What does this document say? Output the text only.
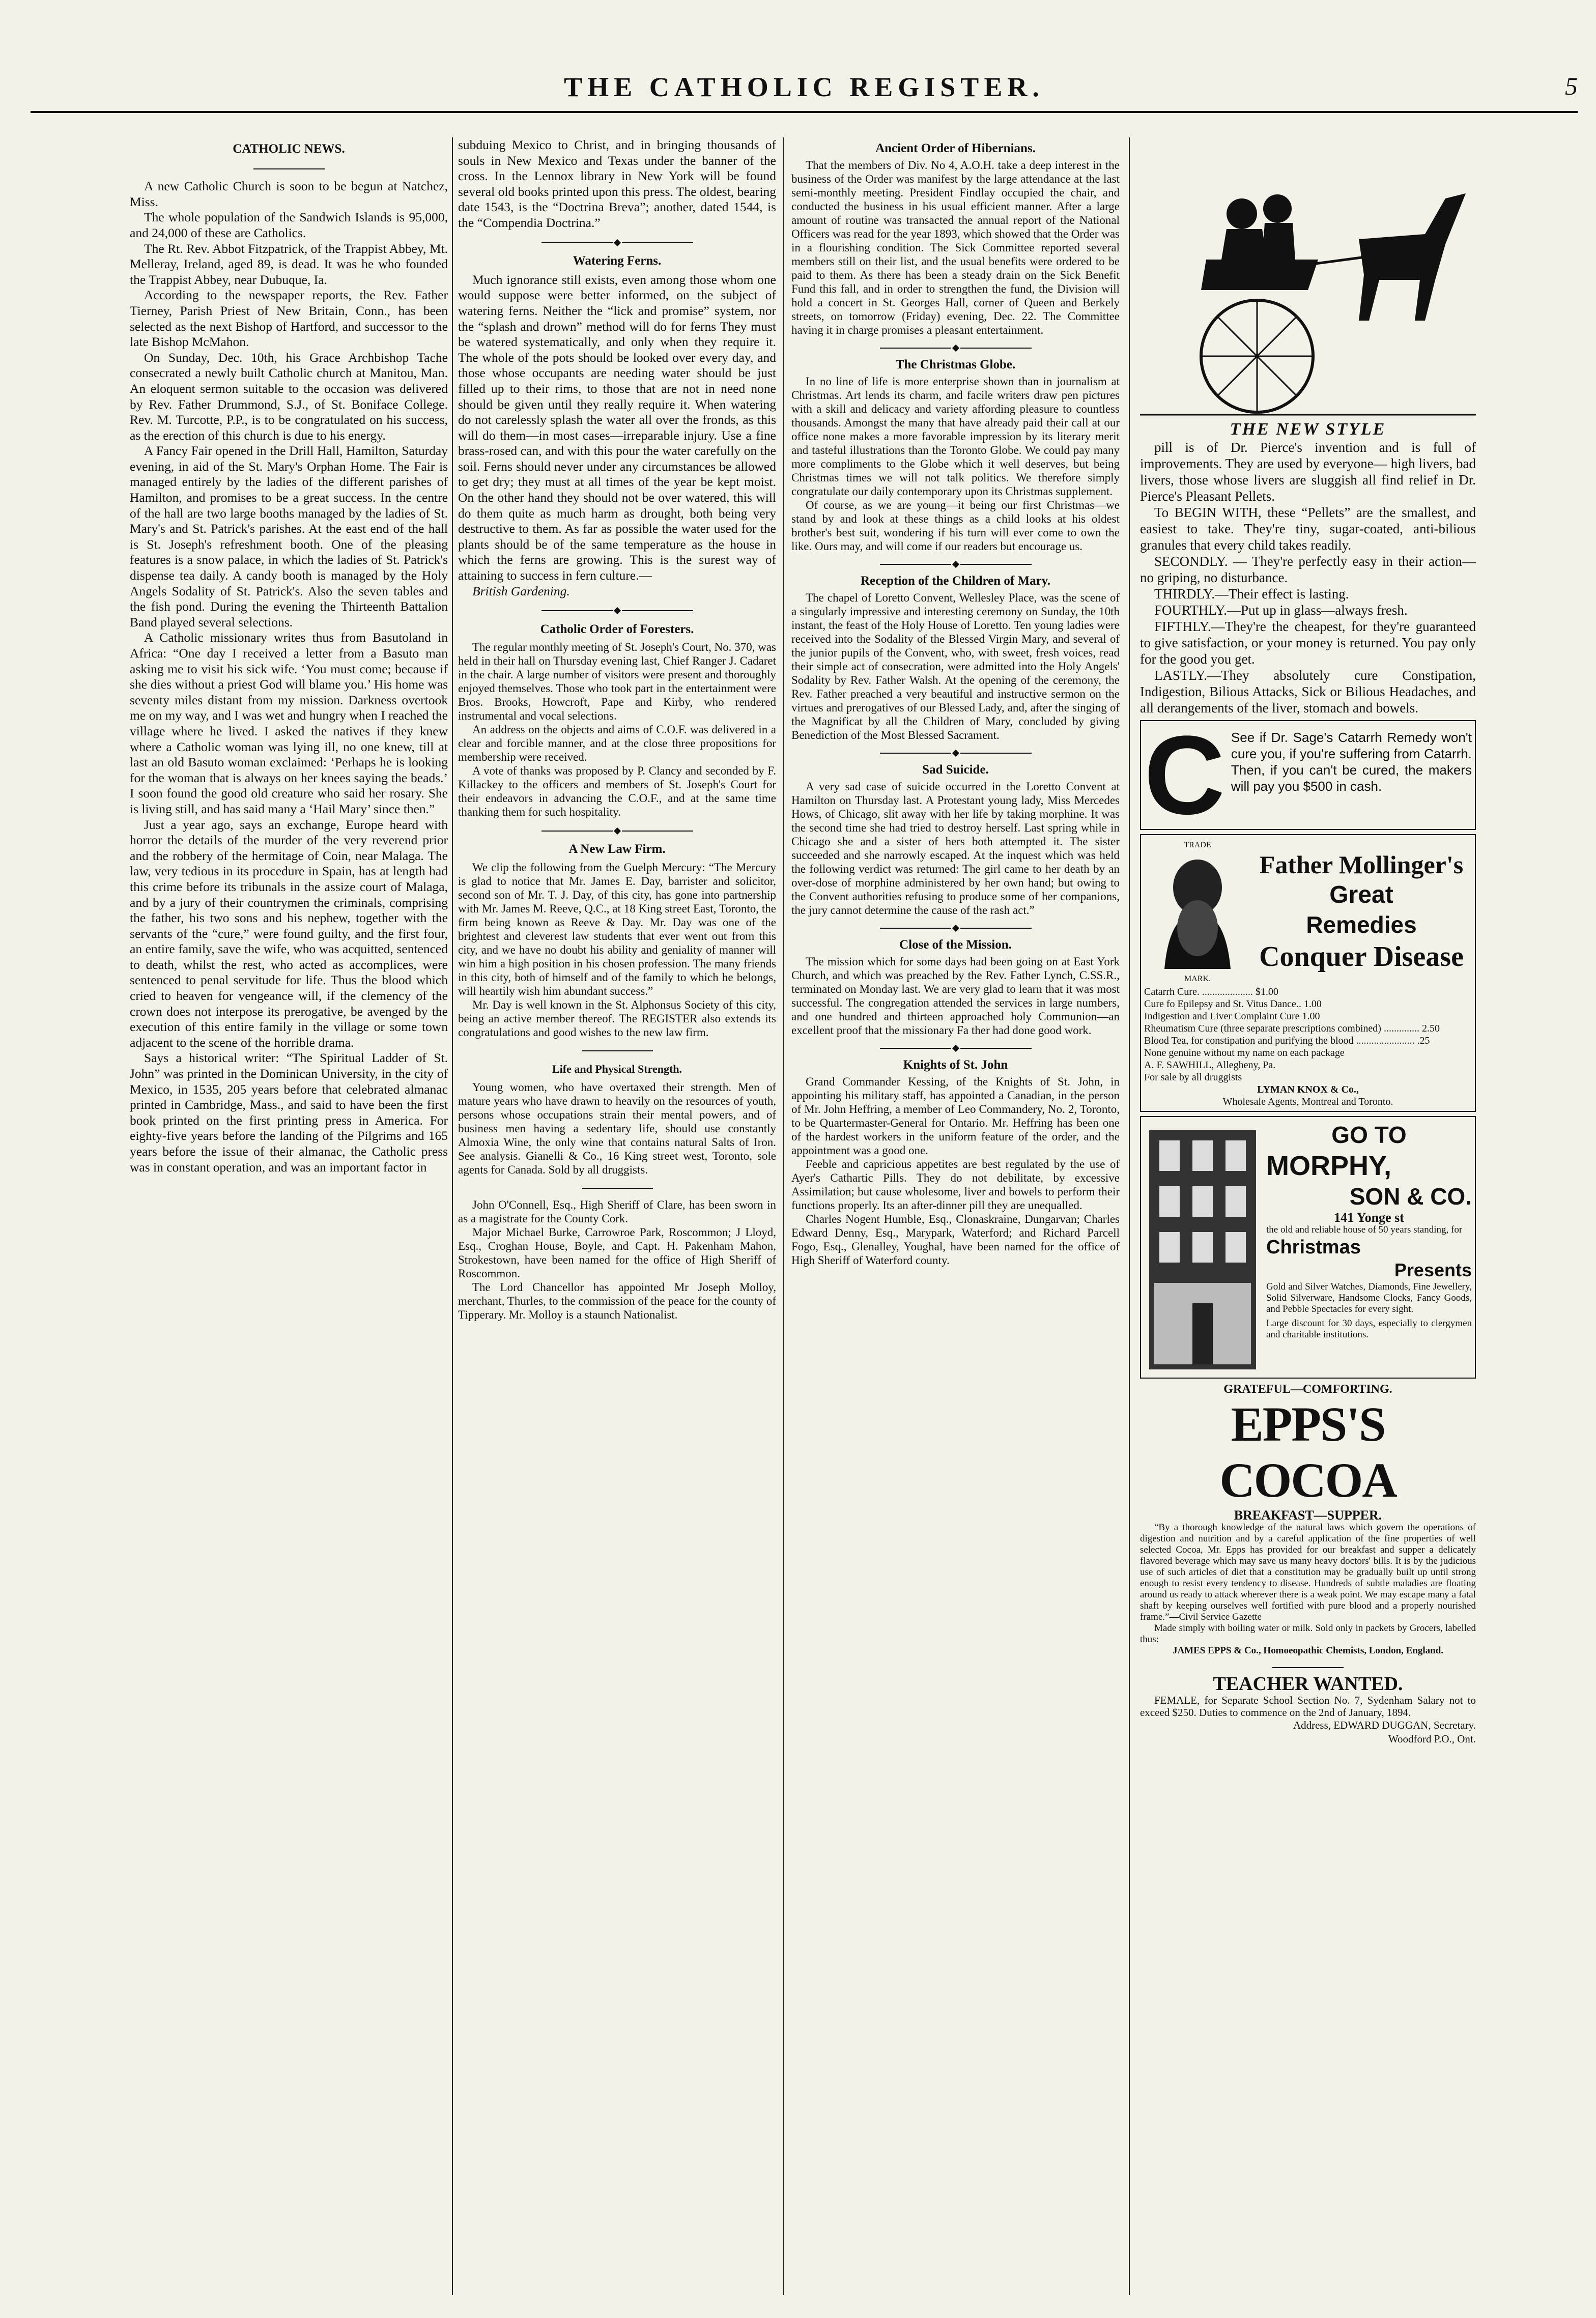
THE CATHOLIC REGISTER.	5
CATHOLIC NEWS.

A new Catholic Church is soon to be begun at Natchez, Miss.

The whole population of the Sandwich Islands is 95,000, and 24,000 of these are Catholics.

The Rt. Rev. Abbot Fitzpatrick, of the Trappist Abbey, Mt. Melleray, Ireland, aged 89, is dead. It was he who founded the Trappist Abbey, near Dubuque, Ia.

According to the newspaper reports, the Rev. Father Tierney, Parish Priest of New Britain, Conn., has been selected as the next Bishop of Hartford, and successor to the late Bishop McMahon.

On Sunday, Dec. 10th, his Grace Archbishop Tache consecrated a newly built Catholic church at Manitou, Man. An eloquent sermon suitable to the occasion was delivered by Rev. Father Drummond, S.J., of St. Boniface College. Rev. M. Turcotte, P.P., is to be congratulated on his success, as the erection of this church is due to his energy.

A Fancy Fair opened in the Drill Hall, Hamilton, Saturday evening, in aid of the St. Mary's Orphan Home. The Fair is managed entirely by the ladies of the different parishes of Hamilton, and promises to be a great success. In the centre of the hall are two large booths managed by the ladies of St. Mary's and St. Patrick's parishes. At the east end of the hall is St. Joseph's refreshment booth. One of the pleasing features is a snow palace, in which the ladies of St. Patrick's dispense tea daily. A candy booth is managed by the Holy Angels Sodality of St. Patrick's. Also the seven tables and the fish pond. During the evening the Thirteenth Battalion Band played several selections.

A Catholic missionary writes thus from Basutoland in Africa: “One day I received a letter from a Basuto man asking me to visit his sick wife. ‘You must come; because if she dies without a priest God will blame you.’ His home was seventy miles distant from my mission. Darkness overtook me on my way, and I was wet and hungry when I reached the village where he lived. I asked the natives if they knew where a Catholic woman was lying ill, no one knew, till at last an old Basuto woman exclaimed: ‘Perhaps he is looking for the woman that is always on her knees saying the beads.’ I soon found the good old creature who said her rosary. She is living still, and has said many a ‘Hail Mary’ since then.”

Just a year ago, says an exchange, Europe heard with horror the details of the murder of the very reverend prior and the robbery of the hermitage of Coin, near Malaga. The law, very tedious in its procedure in Spain, has at length had this crime before its tribunals in the assize court of Malaga, and by a jury of their countrymen the criminals, comprising the father, his two sons and his nephew, together with the servants of the “cure,” were found guilty, and the first four, an entire family, save the wife, who was acquitted, sentenced to death, whilst the rest, who acted as accomplices, were sentenced to penal servitude for life. Thus the blood which cried to heaven for vengeance will, if the clemency of the crown does not interpose its prerogative, be avenged by the execution of this entire family in the village or some town adjacent to the scene of the horrible drama.

Says a historical writer: “The Spiritual Ladder of St. John” was printed in the Dominican University, in the city of Mexico, in 1535, 205 years before that celebrated almanac printed in Cambridge, Mass., and said to have been the first book printed on the first printing press in America. For eighty-five years before the landing of the Pilgrims and 165 years before the issue of their almanac, the Catholic press was in constant operation, and was an important factor in

subduing Mexico to Christ, and in bringing thousands of souls in New Mexico and Texas under the banner of the cross. In the Lennox library in New York will be found several old books printed upon this press. The oldest, bearing date 1543, is the “Doctrina Breva”; another, dated 1544, is the “Compendia Doctrina.”

Watering Ferns.

Much ignorance still exists, even among those whom one would suppose were better informed, on the subject of watering ferns. Neither the “lick and promise” system, nor the “splash and drown” method will do for ferns They must be watered systematically, and only when they require it. The whole of the pots should be looked over every day, and those whose occupants are needing water should be just filled up to their rims, to those that are not in need none should be given until they really require it. When watering do not carelessly splash the water all over the fronds, as this will do them—in most cases—irreparable injury. Use a fine brass-rosed can, and with this pour the water carefully on the soil. Ferns should never under any circumstances be allowed to get dry; they must at all times of the year be kept moist. On the other hand they should not be over watered, this will do them quite as much harm as drought, both being very destructive to them. As far as possible the water used for the plants should be of the same temperature as the house in which the ferns are growing. This is the surest way of attaining to success in fern culture.—

British Gardening.

Catholic Order of Foresters.

The regular monthly meeting of St. Joseph's Court, No. 370, was held in their hall on Thursday evening last, Chief Ranger J. Cadaret in the chair. A large number of visitors were present and thoroughly enjoyed themselves. Those who took part in the entertainment were Bros. Brooks, Howcroft, Pape and Kirby, who rendered instrumental and vocal selections.

An address on the objects and aims of C.O.F. was delivered in a clear and forcible manner, and at the close three propositions for membership were received.

A vote of thanks was proposed by P. Clancy and seconded by F. Killackey to the officers and members of St. Joseph's Court for their endeavors in advancing the C.O.F., and at the same time thanking them for such hospitality.

A New Law Firm.

We clip the following from the Guelph Mercury: “The Mercury is glad to notice that Mr. James E. Day, barrister and solicitor, second son of Mr. T. J. Day, of this city, has gone into partnership with Mr. James M. Reeve, Q.C., at 18 King street East, Toronto, the firm being known as Reeve & Day. Mr. Day was one of the brightest and cleverest law students that ever went out from this city, and we have no doubt his ability and geniality of manner will win him a high position in his chosen profession. The many friends in this city, both of himself and of the family to which he belongs, will heartily wish him abundant success.”

Mr. Day is well known in the St. Alphonsus Society of this city, being an active member thereof. The REGISTER also extends its congratulations and good wishes to the new law firm.

Life and Physical Strength.

Young women, who have overtaxed their strength. Men of mature years who have drawn to heavily on the resources of youth, persons whose occupations strain their mental powers, and of business men having a sedentary life, should use constantly Almoxia Wine, the only wine that contains natural Salts of Iron. See analysis. Gianelli & Co., 16 King street west, Toronto, sole agents for Canada. Sold by all druggists.

John O'Connell, Esq., High Sheriff of Clare, has been sworn in as a magistrate for the County Cork.

Major Michael Burke, Carrowroe Park, Roscommon; J Lloyd, Esq., Croghan House, Boyle, and Capt. H. Pakenham Mahon, Strokestown, have been named for the office of High Sheriff of Roscommon.

The Lord Chancellor has appointed Mr Joseph Molloy, merchant, Thurles, to the commission of the peace for the county of Tipperary. Mr. Molloy is a staunch Nationalist.

Ancient Order of Hibernians.

That the members of Div. No 4, A.O.H. take a deep interest in the business of the Order was manifest by the large attendance at the last semi-monthly meeting. President Findlay occupied the chair, and conducted the business in his usual efficient manner. After a large amount of routine was transacted the annual report of the National Officers was read for the year 1893, which showed that the Order was in a flourishing condition. The Sick Committee reported several members still on their list, and the usual benefits were ordered to be paid to them. As there has been a steady drain on the Sick Benefit Fund this fall, and in order to strengthen the fund, the Division will hold a concert in St. Georges Hall, corner of Queen and Berkely streets, on tomorrow (Friday) evening, Dec. 22. The Committee having it in charge promises a pleasant entertainment.

The Christmas Globe.

In no line of life is more enterprise shown than in journalism at Christmas. Art lends its charm, and facile writers draw pen pictures with a skill and delicacy and variety affording pleasure to countless thousands. Amongst the many that have already paid their call at our office none makes a more favorable impression by its literary merit and tasteful illustrations than the Toronto Globe. We could pay many more compliments to the Globe which it well deserves, but being Christmas times we will not talk politics. We therefore simply congratulate our daily contemporary upon its Christmas supplement.

Of course, as we are young—it being our first Christmas—we stand by and look at these things as a child looks at his oldest brother's best suit, wondering if his turn will ever come to own the like. Ours may, and will come if our readers but encourage us.

Reception of the Children of Mary.

The chapel of Loretto Convent, Wellesley Place, was the scene of a singularly impressive and interesting ceremony on Sunday, the 10th instant, the feast of the Holy House of Loretto. Ten young ladies were received into the Sodality of the Blessed Virgin Mary, and several of the junior pupils of the Convent, who, with sweet, fresh voices, read their simple act of consecration, were admitted into the Holy Angels' Sodality by Rev. Father Walsh. At the opening of the ceremony, the Rev. Father preached a very beautiful and instructive sermon on the virtues and prerogatives of our Blessed Lady, and, after the singing of the Magnificat by all the Children of Mary, concluded by giving Benediction of the Most Blessed Sacrament.

Sad Suicide.

A very sad case of suicide occurred in the Loretto Convent at Hamilton on Thursday last. A Protestant young lady, Miss Mercedes Hows, of Chicago, slit away with her life by taking morphine. It was the second time she had tried to destroy herself. Last spring while in Chicago she and a sister of hers both attempted it. The sister succeeded and she narrowly escaped. At the inquest which was held the following verdict was returned: The girl came to her death by an over-dose of morphine administered by her own hand; but owing to the Convent authorities refusing to produce some of her companions, the jury cannot determine the cause of the rash act.”

Close of the Mission.

The mission which for some days had been going on at East York Church, and which was preached by the Rev. Father Lynch, C.SS.R., terminated on Monday last. We are very glad to learn that it was most successful. The congregation attended the services in large numbers, and one hundred and thirteen approached holy Communion—an excellent proof that the missionary Fa ther had done good work.

Knights of St. John

Grand Commander Kessing, of the Knights of St. John, in appointing his military staff, has appointed a Canadian, in the person of Mr. John Heffring, a member of Leo Commandery, No. 2, Toronto, to be Quartermaster-General for Ontario. Mr. Heffring has been one of the hardest workers in the uniform feature of the order, and the appointment was a good one.

Feeble and capricious appetites are best regulated by the use of Ayer's Cathartic Pills. They do not debilitate, by excessive Assimilation; but cause wholesome, liver and bowels to perform their functions properly. Its an after-dinner pill they are unequalled.

Charles Nogent Humble, Esq., Clonaskraine, Dungarvan; Charles Edward Denny, Esq., Marypark, Waterford; and Richard Parcell Fogo, Esq., Glenalley, Youghal, have been named for the office of High Sheriff of Waterford county.

THE NEW STYLE

pill is of Dr. Pierce's invention and is full of improvements. They are used by everyone— high livers, bad livers, those whose livers are sluggish all find relief in Dr. Pierce's Pleasant Pellets.

To BEGIN WITH, these “Pellets” are the smallest, and easiest to take. They're tiny, sugar-coated, anti-bilious granules that every child takes readily.

SECONDLY. — They're perfectly easy in their action—no griping, no disturbance.

THIRDLY.—Their effect is lasting.

FOURTHLY.—Put up in glass—always fresh.

FIFTHLY.—They're the cheapest, for they're guaranteed to give satisfaction, or your money is returned. You pay only for the good you get.

LASTLY.—They absolutely cure Constipation, Indigestion, Bilious Attacks, Sick or Bilious Headaches, and all derangements of the liver, stomach and bowels.

C See if Dr. Sage's Catarrh Remedy won't cure you, if you're suffering from Catarrh. Then, if you can't be cured, the makers will pay you $500 in cash.
TRADE
MARK.
Father Mollinger's
Great
Remedies
Conquer Disease
Catarrh Cure. .................... $1.00
Cure fo Epilepsy and St. Vitus Dance.. 1.00
Indigestion and Liver Complaint Cure 1.00
Rheumatism Cure (three separate prescriptions combined) .............. 2.50
Blood Tea, for constipation and purifying the blood ....................... .25
None genuine without my name on each package
A. F. SAWHILL, Allegheny, Pa.
For sale by all druggists
LYMAN KNOX & Co.,
Wholesale Agents, Montreal and Toronto.
GO TO
MORPHY,
SON & CO.
141 Yonge st
the old and reliable house of 50 years standing, for
Christmas
Presents
Gold and Silver Watches, Diamonds, Fine Jewellery, Solid Silverware, Handsome Clocks, Fancy Goods, and Pebble Spectacles for every sight.
Large discount for 30 days, especially to clergymen and charitable institutions.
GRATEFUL—COMFORTING.
EPPS'S COCOA
BREAKFAST—SUPPER.

“By a thorough knowledge of the natural laws which govern the operations of digestion and nutrition and by a careful application of the fine properties of well selected Cocoa, Mr. Epps has provided for our breakfast and supper a delicately flavored beverage which may save us many heavy doctors' bills. It is by the judicious use of such articles of diet that a constitution may be gradually built up until strong enough to resist every tendency to disease. Hundreds of subtle maladies are floating around us ready to attack wherever there is a weak point. We may escape many a fatal shaft by keeping ourselves well fortified with pure blood and a properly nourished frame.”—Civil Service Gazette

Made simply with boiling water or milk. Sold only in packets by Grocers, labelled thus:

JAMES EPPS & Co., Homoeopathic Chemists, London, England.

TEACHER WANTED.

FEMALE, for Separate School Section No. 7, Sydenham Salary not to exceed $250. Duties to commence on the 2nd of January, 1894.

Address, EDWARD DUGGAN, Secretary.

Woodford P.O., Ont.
